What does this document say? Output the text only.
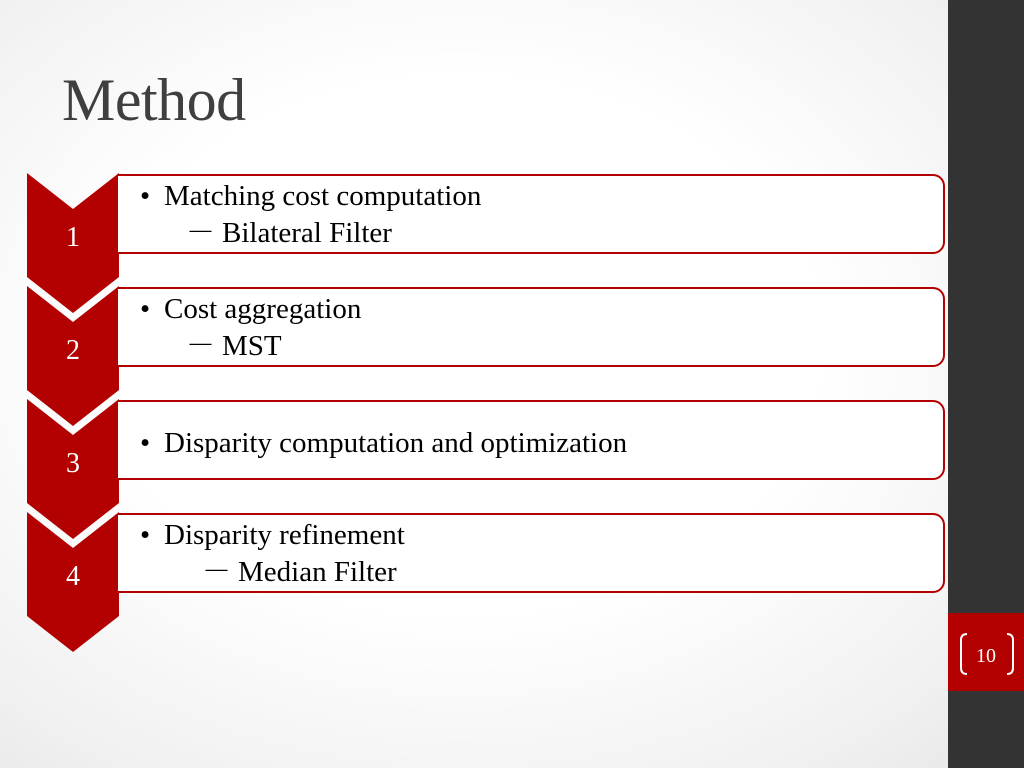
10
Method
1
• Matching cost computation
－ Bilateral Filter
2
• Cost aggregation
－ MST
3
• Disparity computation and optimization
4
• Disparity refinement
－ Median Filter
